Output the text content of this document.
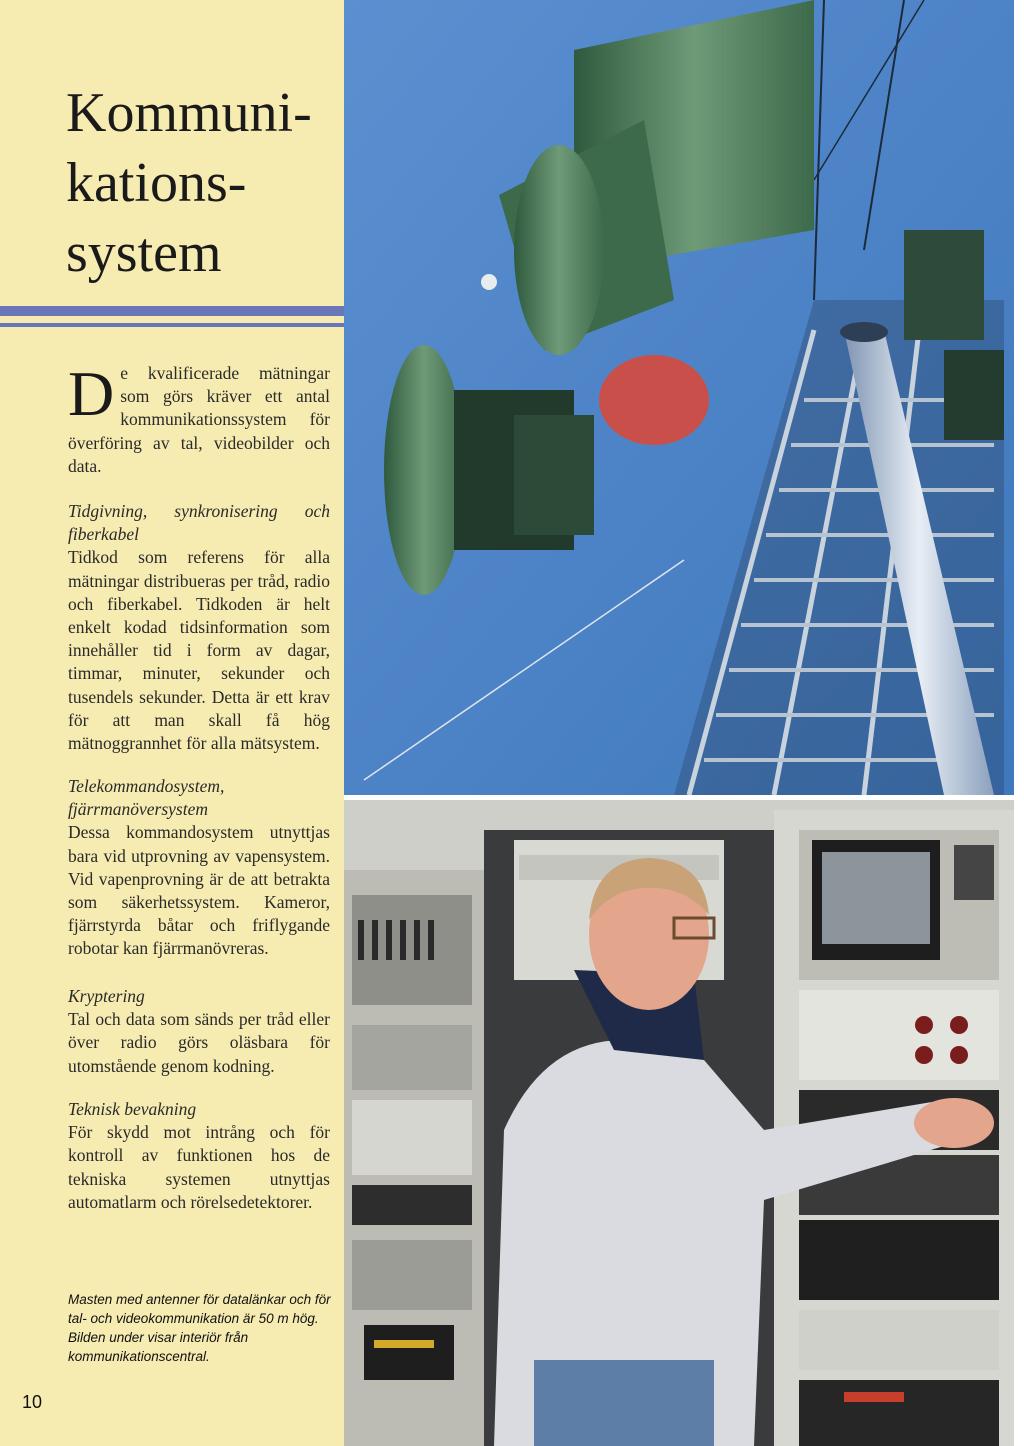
Kommuni-
kations-
system
De kvalificerade mätningar som görs kräver ett antal kommunikationssystem för överföring av tal, videobilder och data.
Tidgivning, synkronisering och fiberkabel
Tidkod som referens för alla mätningar distribueras per tråd, radio och fiberkabel. Tidkoden är helt enkelt kodad tidsinformation som innehåller tid i form av dagar, timmar, minuter, sekunder och tusendels sekunder. Detta är ett krav för att man skall få hög mätnoggrannhet för alla mätsystem.
Telekommandosystem, fjärrmanöversystem
Dessa kommandosystem utnyttjas bara vid utprovning av vapensystem. Vid vapenprovning är de att betrakta som säkerhetssystem. Kameror, fjärrstyrda båtar och friflygande robotar kan fjärrmanövreras.
Kryptering
Tal och data som sänds per tråd eller över radio görs oläsbara för utomstående genom kodning.
Teknisk bevakning
För skydd mot intrång och för kontroll av funktionen hos de tekniska systemen utnyttjas automatlarm och rörelsedetektorer.
Masten med antenner för datalänkar och för tal- och videokommunikation är 50 m hög. Bilden under visar interiör från kommunikationscentral.
10
